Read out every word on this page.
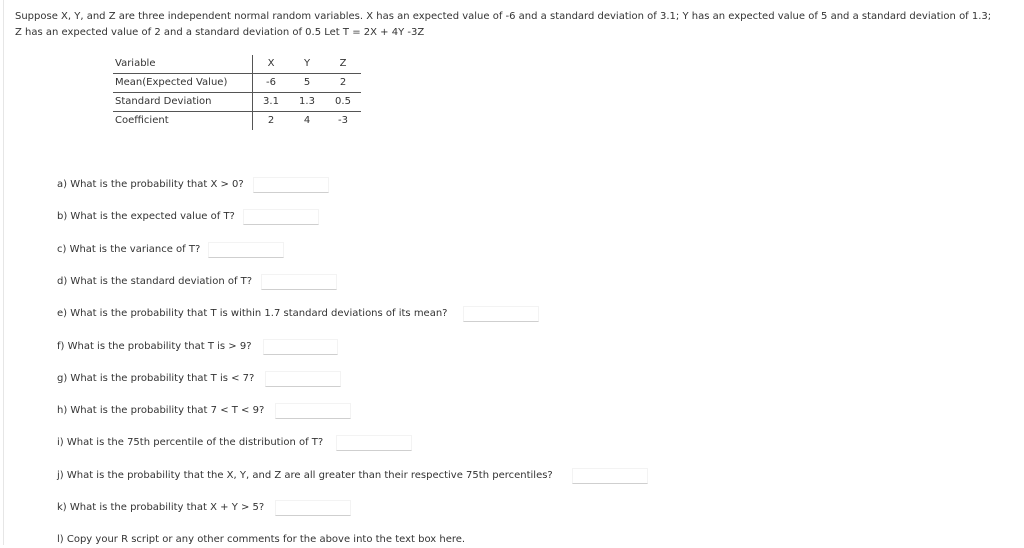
Suppose X, Y, and Z are three independent normal random variables. X has an expected value of -6 and a standard deviation of 3.1; Y has an expected value of 5 and a standard deviation of 1.3;
Z has an expected value of 2 and a standard deviation of 0.5 Let T = 2X + 4Y -3Z
Variable	X	Y	Z
Mean(Expected Value)	-6	5	2
Standard Deviation	3.1	1.3	0.5
Coefficient	2	4	-3
a) What is the probability that X > 0?
b) What is the expected value of T?
c) What is the variance of T?
d) What is the standard deviation of T?
e) What is the probability that T is within 1.7 standard deviations of its mean?
f) What is the probability that T is > 9?
g) What is the probability that T is < 7?
h) What is the probability that 7 < T < 9?
i) What is the 75th percentile of the distribution of T?
j) What is the probability that the X, Y, and Z are all greater than their respective 75th percentiles?
k) What is the probability that X + Y > 5?
l) Copy your R script or any other comments for the above into the text box here.
